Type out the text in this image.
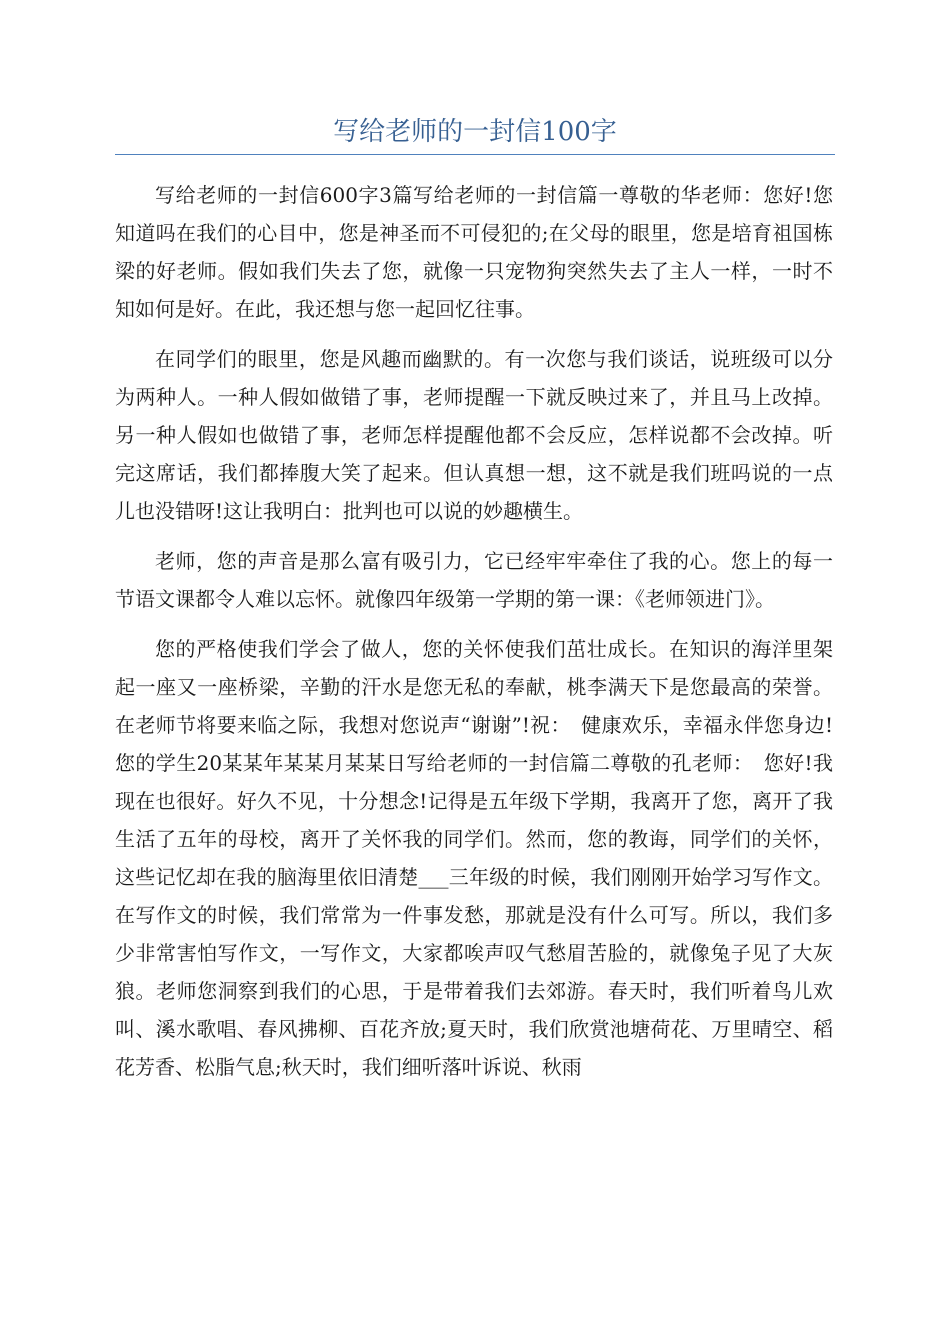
写给老师的一封信100字

写给老师的一封信600字3篇写给老师的一封信篇一尊敬的华老师：您好!您知道吗在我们的心目中，您是神圣而不可侵犯的;在父母的眼里，您是培育祖国栋梁的好老师。假如我们失去了您，就像一只宠物狗突然失去了主人一样，一时不知如何是好。在此，我还想与您一起回忆往事。

在同学们的眼里，您是风趣而幽默的。有一次您与我们谈话，说班级可以分为两种人。一种人假如做错了事，老师提醒一下就反映过来了，并且马上改掉。另一种人假如也做错了事，老师怎样提醒他都不会反应，怎样说都不会改掉。听完这席话，我们都捧腹大笑了起来。但认真想一想，这不就是我们班吗说的一点儿也没错呀!这让我明白：批判也可以说的妙趣横生。

老师，您的声音是那么富有吸引力，它已经牢牢牵住了我的心。您上的每一节语文课都令人难以忘怀。就像四年级第一学期的第一课：《老师领进门》。

您的严格使我们学会了做人，您的关怀使我们茁壮成长。在知识的海洋里架起一座又一座桥梁，辛勤的汗水是您无私的奉献，桃李满天下是您最高的荣誉。在老师节将要来临之际，我想对您说声“谢谢”!祝：　健康欢乐，幸福永伴您身边!您的学生20某某年某某月某某日写给老师的一封信篇二尊敬的孔老师：　您好!我现在也很好。好久不见，十分想念!记得是五年级下学期，我离开了您，离开了我生活了五年的母校，离开了关怀我的同学们。然而，您的教诲，同学们的关怀，这些记忆却在我的脑海里依旧清楚___三年级的时候，我们刚刚开始学习写作文。在写作文的时候，我们常常为一件事发愁，那就是没有什么可写。所以，我们多少非常害怕写作文，一写作文，大家都唉声叹气愁眉苦脸的，就像兔子见了大灰狼。老师您洞察到我们的心思，于是带着我们去郊游。春天时，我们听着鸟儿欢叫、溪水歌唱、春风拂柳、百花齐放;夏天时，我们欣赏池塘荷花、万里晴空、稻花芳香、松脂气息;秋天时，我们细听落叶诉说、秋雨
